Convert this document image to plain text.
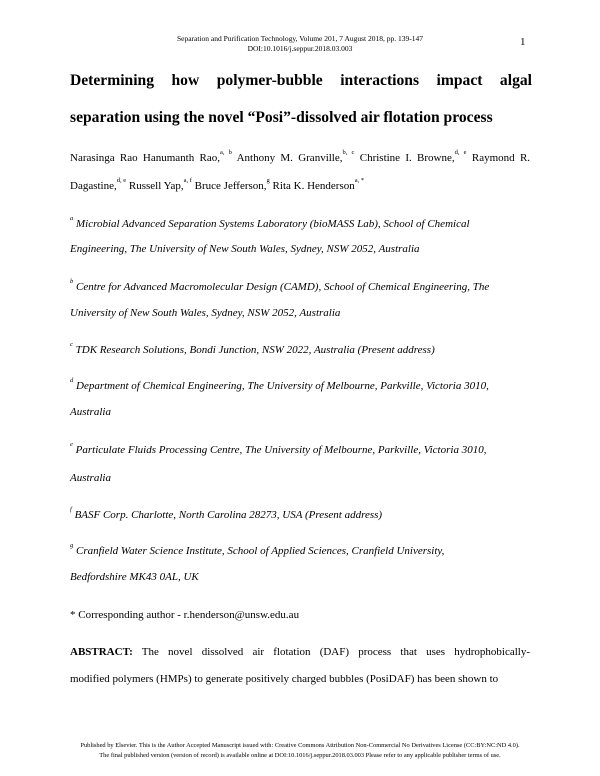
Separation and Purification Technology, Volume 201, 7 August 2018, pp. 139-147
DOI:10.1016/j.seppur.2018.03.003
1
Determining how polymer-bubble interactions impact algal
separation using the novel “Posi”-dissolved air flotation process
Narasinga Rao Hanumanth Rao,$^{a, b}$ Anthony M. Granville,$^{b, c}$ Christine I. Browne,$^{d, e}$ Raymond R.
Dagastine,$^{d, e}$ Russell Yap,$^{a, f}$ Bruce Jefferson,$^g$ Rita K. Henderson$^{a, *}$
$^a$ Microbial Advanced Separation Systems Laboratory (bioMASS Lab), School of Chemical
Engineering, The University of New South Wales, Sydney, NSW 2052, Australia
$^b$ Centre for Advanced Macromolecular Design (CAMD), School of Chemical Engineering, The
University of New South Wales, Sydney, NSW 2052, Australia
$^c$ TDK Research Solutions, Bondi Junction, NSW 2022, Australia (Present address)
$^d$ Department of Chemical Engineering, The University of Melbourne, Parkville, Victoria 3010,
Australia
$^e$ Particulate Fluids Processing Centre, The University of Melbourne, Parkville, Victoria 3010,
Australia
$^f$ BASF Corp. Charlotte, North Carolina 28273, USA (Present address)
$^g$ Cranfield Water Science Institute, School of Applied Sciences, Cranfield University,
Bedfordshire MK43 0AL, UK
* Corresponding author - r.henderson@unsw.edu.au
ABSTRACT: The novel dissolved air flotation (DAF) process that uses hydrophobically-
modified polymers (HMPs) to generate positively charged bubbles (PosiDAF) has been shown to
Published by Elsevier. This is the Author Accepted Manuscript issued with: Creative Commons Attribution Non-Commercial No Derivatives License (CC:BY:NC:ND 4.0).
The final published version (version of record) is available online at DOI:10.1016/j.seppur.2018.03.003 Please refer to any applicable publisher terms of use.
